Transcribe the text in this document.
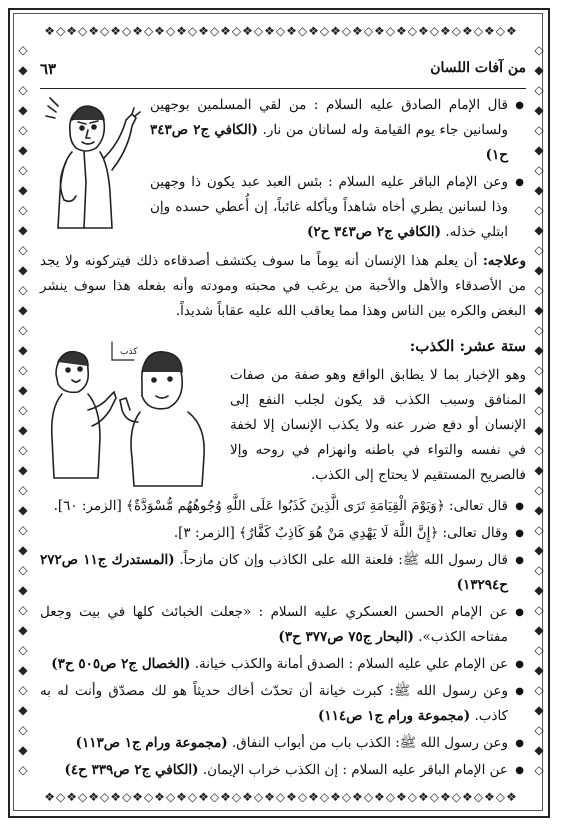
❖◇❖◇❖◇❖◇❖◇❖◇❖◇❖◇❖◇❖◇❖◇❖◇❖◇❖◇❖◇❖◇❖◇❖◇❖◇❖◇❖◇❖
❖◇❖◇❖◇❖◇❖◇❖◇❖◇❖◇❖◇❖◇❖◇❖◇❖◇❖◇❖◇❖◇❖◇❖◇❖◇❖◇❖◇❖
◇
◆
◇
◆
◇
◆
◇
◆
◇
◆
◇
◆
◇
◆
◇
◆
◇
◆
◇
◆
◇
◆
◇
◆
◇
◆
◇
◆
◇
◆
◇
◆
◇
◆
◇
◆
◇
◇
◆
◇
◆
◇
◆
◇
◆
◇
◆
◇
◆
◇
◆
◇
◆
◇
◆
◇
◆
◇
◆
◇
◆
◇
◆
◇
◆
◇
◆
◇
◆
◇
◆
◇
◆
◇
٦٣	من آفات اللسان
كذب
● قال الإمام الصادق عليه السلام : من لقي المسلمين بوجهين ولسانين جاء يوم القيامة وله لسانان من نار. (الكافي ج٢ ص٣٤٣ ح١)
● وعن الإمام الباقر عليه السلام : بئس العبد عبد يكون ذا وجهين وذا لسانين يطري أخاه شاهداً ويأكله غائباً، إن أُعطي حسده وإن ابتلي خذله. (الكافي ج٢ ص٣٤٣ ح٢)
وعلاجه: أن يعلم هذا الإنسان أنه يوماً ما سوف يكتشف أصدقاءه ذلك فيتركونه ولا يجد من الأصدقاء والأهل والأحبة من يرغب في محبته ومودته وأنه بفعله هذا سوف ينشر البغض والكره بين الناس وهذا مما يعاقب الله عليه عقاباً شديداً.
ستة عشر: الكذب:
وهو الإخبار بما لا يطابق الواقع وهو صفة من صفات المنافق وسبب الكذب قد يكون لجلب النفع إلى الإنسان أو دفع ضرر عنه ولا يكذب الإنسان إلا لخفة في نفسه والتواء في باطنه وانهزام في روحه وإلا فالصريح المستقيم لا يحتاج إلى الكذب.
● قال تعالى: ﴿وَيَوْمَ الْقِيَامَةِ تَرَى الَّذِينَ كَذَبُوا عَلَى اللَّهِ وُجُوهُهُم مُّسْوَدَّةٌ﴾ [الزمر: ٦٠].
● وقال تعالى: ﴿إِنَّ اللَّهَ لَا يَهْدِي مَنْ هُوَ كَاذِبٌ كَفَّارٌ﴾ [الزمر: ٣].
● قال رسول الله ﷺ: فلعنة الله على الكاذب وإن كان مازحاً. (المستدرك ج١١ ص٢٧٢ ح١٣٢٩٤)
● عن الإمام الحسن العسكري عليه السلام : «جعلت الخبائث كلها في بيت وجعل مفتاحه الكذب». (البحار ج٧٥ ص٣٧٧ ح٣)
● عن الإمام علي عليه السلام : الصدق أمانة والكذب خيانة. (الخصال ج٢ ص٥٠٥ ح٣)
● وعن رسول الله ﷺ: كبرت خيانة أن تحدّث أخاك حديثاً هو لك مصدّق وأنت له به كاذب. (مجموعة ورام ج١ ص١١٤)
● وعن رسول الله ﷺ: الكذب باب من أبواب النفاق. (مجموعة ورام ج١ ص١١٣)
● عن الإمام الباقر عليه السلام : إن الكذب خراب الإيمان. (الكافي ج٢ ص٣٣٩ ح٤)
